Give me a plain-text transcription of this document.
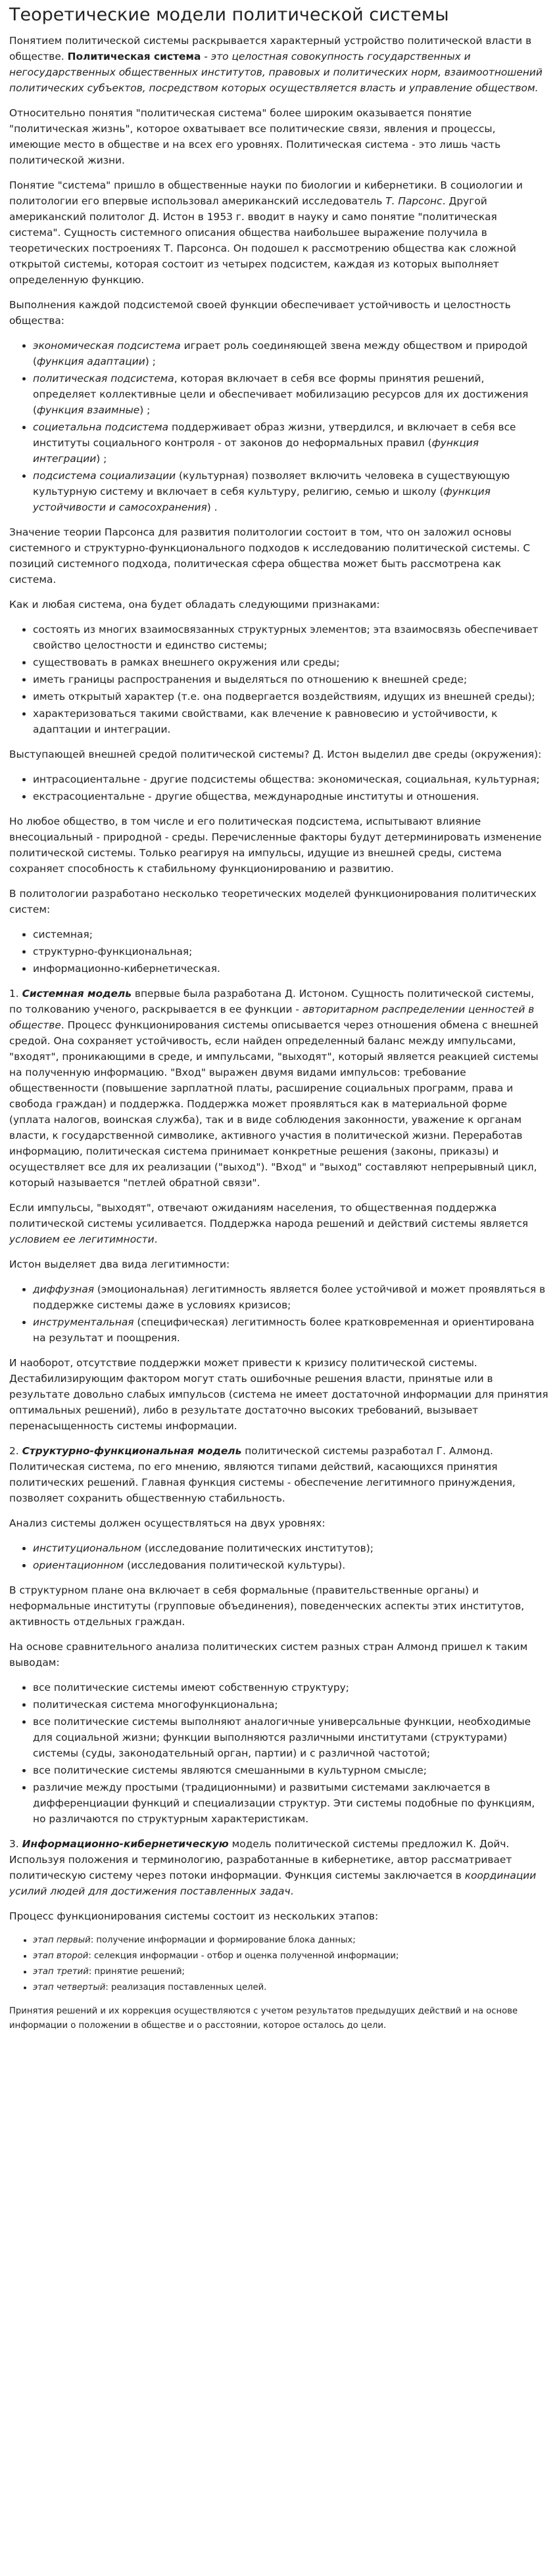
Теоретические модели политической системы

Понятием политической системы раскрывается характерный устройство политической власти в обществе. Политическая система - это целостная совокупность государственных и негосударственных общественных институтов, правовых и политических норм, взаимоотношений политических субъектов, посредством которых осуществляется власть и управление обществом.

Относительно понятия "политическая система" более широким оказывается понятие "политическая жизнь", которое охватывает все политические связи, явления и процессы, имеющие место в обществе и на всех его уровнях. Политическая система - это лишь часть политической жизни.

Понятие "система" пришло в общественные науки по биологии и кибернетики. В социологии и политологии его впервые использовал американский исследователь Т. Парсонс. Другой американский политолог Д. Истон в 1953 г. вводит в науку и само понятие "политическая система". Сущность системного описания общества наибольшее выражение получила в теоретических построениях Т. Парсонса. Он подошел к рассмотрению общества как сложной открытой системы, которая состоит из четырех подсистем, каждая из которых выполняет определенную функцию.

Выполнения каждой подсистемой своей функции обеспечивает устойчивость и целостность общества:

• экономическая подсистема играет роль соединяющей звена между обществом и природой (функция адаптации) ;
• политическая подсистема, которая включает в себя все формы принятия решений, определяет коллективные цели и обеспечивает мобилизацию ресурсов для их достижения (функция взаимные) ;
• социетальна подсистема поддерживает образ жизни, утвердился, и включает в себя все институты социального контроля - от законов до неформальных правил (функция интеграции) ;
• подсистема социализации (культурная) позволяет включить человека в существующую культурную систему и включает в себя культуру, религию, семью и школу (функция устойчивости и самосохранения) .

Значение теории Парсонса для развития политологии состоит в том, что он заложил основы системного и структурно-функционального подходов к исследованию политической системы. С позиций системного подхода, политическая сфера общества может быть рассмотрена как система.

Как и любая система, она будет обладать следующими признаками:

• состоять из многих взаимосвязанных структурных элементов; эта взаимосвязь обеспечивает свойство целостности и единство системы;
• существовать в рамках внешнего окружения или среды;
• иметь границы распространения и выделяться по отношению к внешней среде;
• иметь открытый характер (т.е. она подвергается воздействиям, идущих из внешней среды);
• характеризоваться такими свойствами, как влечение к равновесию и устойчивости, к адаптации и интеграции.

Выступающей внешней средой политической системы? Д. Истон выделил две среды (окружения):

• интрасоциентальне - другие подсистемы общества: экономическая, социальная, культурная;
• екстрасоциентальне - другие общества, международные институты и отношения.

Но любое общество, в том числе и его политическая подсистема, испытывают влияние внесоциальный - природной - среды. Перечисленные факторы будут детерминировать изменение политической системы. Только реагируя на импульсы, идущие из внешней среды, система сохраняет способность к стабильному функционированию и развитию.

В политологии разработано несколько теоретических моделей функционирования политических систем:

• системная;
• структурно-функциональная;
• информационно-кибернетическая.

1. Системная модель впервые была разработана Д. Истоном. Сущность политической системы, по толкованию ученого, раскрывается в ее функции - авторитарном распределении ценностей в обществе. Процесс функционирования системы описывается через отношения обмена с внешней средой. Она сохраняет устойчивость, если найден определенный баланс между импульсами, "входят", проникающими в среде, и импульсами, "выходят", который является реакцией системы на полученную информацию. "Вход" выражен двумя видами импульсов: требование общественности (повышение зарплатной платы, расширение социальных программ, права и свобода граждан) и поддержка. Поддержка может проявляться как в материальной форме (уплата налогов, воинская служба), так и в виде соблюдения законности, уважение к органам власти, к государственной символике, активного участия в политической жизни. Переработав информацию, политическая система принимает конкретные решения (законы, приказы) и осуществляет все для их реализации ("выход"). "Вход" и "выход" составляют непрерывный цикл, который называется "петлей обратной связи".

Если импульсы, "выходят", отвечают ожиданиям населения, то общественная поддержка политической системы усиливается. Поддержка народа решений и действий системы является условием ее легитимности.

Истон выделяет два вида легитимности:

• диффузная (эмоциональная) легитимность является более устойчивой и может проявляться в поддержке системы даже в условиях кризисов;
• инструментальная (специфическая) легитимность более кратковременная и ориентирована на результат и поощрения.

И наоборот, отсутствие поддержки может привести к кризису политической системы. Дестабилизирующим фактором могут стать ошибочные решения власти, принятые или в результате довольно слабых импульсов (система не имеет достаточной информации для принятия оптимальных решений), либо в результате достаточно высоких требований, вызывает перенасыщенность системы информации.

2. Структурно-функциональная модель политической системы разработал Г. Алмонд. Политическая система, по его мнению, являются типами действий, касающихся принятия политических решений. Главная функция системы - обеспечение легитимного принуждения, позволяет сохранить общественную стабильность.

Анализ системы должен осуществляться на двух уровнях:

• институциональном (исследование политических институтов);
• ориентационном (исследования политической культуры).

В структурном плане она включает в себя формальные (правительственные органы) и неформальные институты (групповые объединения), поведенческих аспекты этих институтов, активность отдельных граждан.

На основе сравнительного анализа политических систем разных стран Алмонд пришел к таким выводам:

• все политические системы имеют собственную структуру;
• политическая система многофункциональна;
• все политические системы выполняют аналогичные универсальные функции, необходимые для социальной жизни; функции выполняются различными институтами (структурами) системы (суды, законодательный орган, партии) и с различной частотой;
• все политические системы являются смешанными в культурном смысле;
• различие между простыми (традиционными) и развитыми системами заключается в дифференциации функций и специализации структур. Эти системы подобные по функциям, но различаются по структурным характеристикам.

3. Информационно-кибернетическую модель политической системы предложил К. Дойч. Используя положения и терминологию, разработанные в кибернетике, автор рассматривает политическую систему через потоки информации. Функция системы заключается в координации усилий людей для достижения поставленных задач.

Процесс функционирования системы состоит из нескольких этапов:

• этап первый: получение информации и формирование блока данных;
• этап второй: селекция информации - отбор и оценка полученной информации;
• этап третий: принятие решений;
• этап четвертый: реализация поставленных целей.

Принятия решений и их коррекция осуществляются с учетом результатов предыдущих действий и на основе информации о положении в обществе и о расстоянии, которое осталось до цели.
